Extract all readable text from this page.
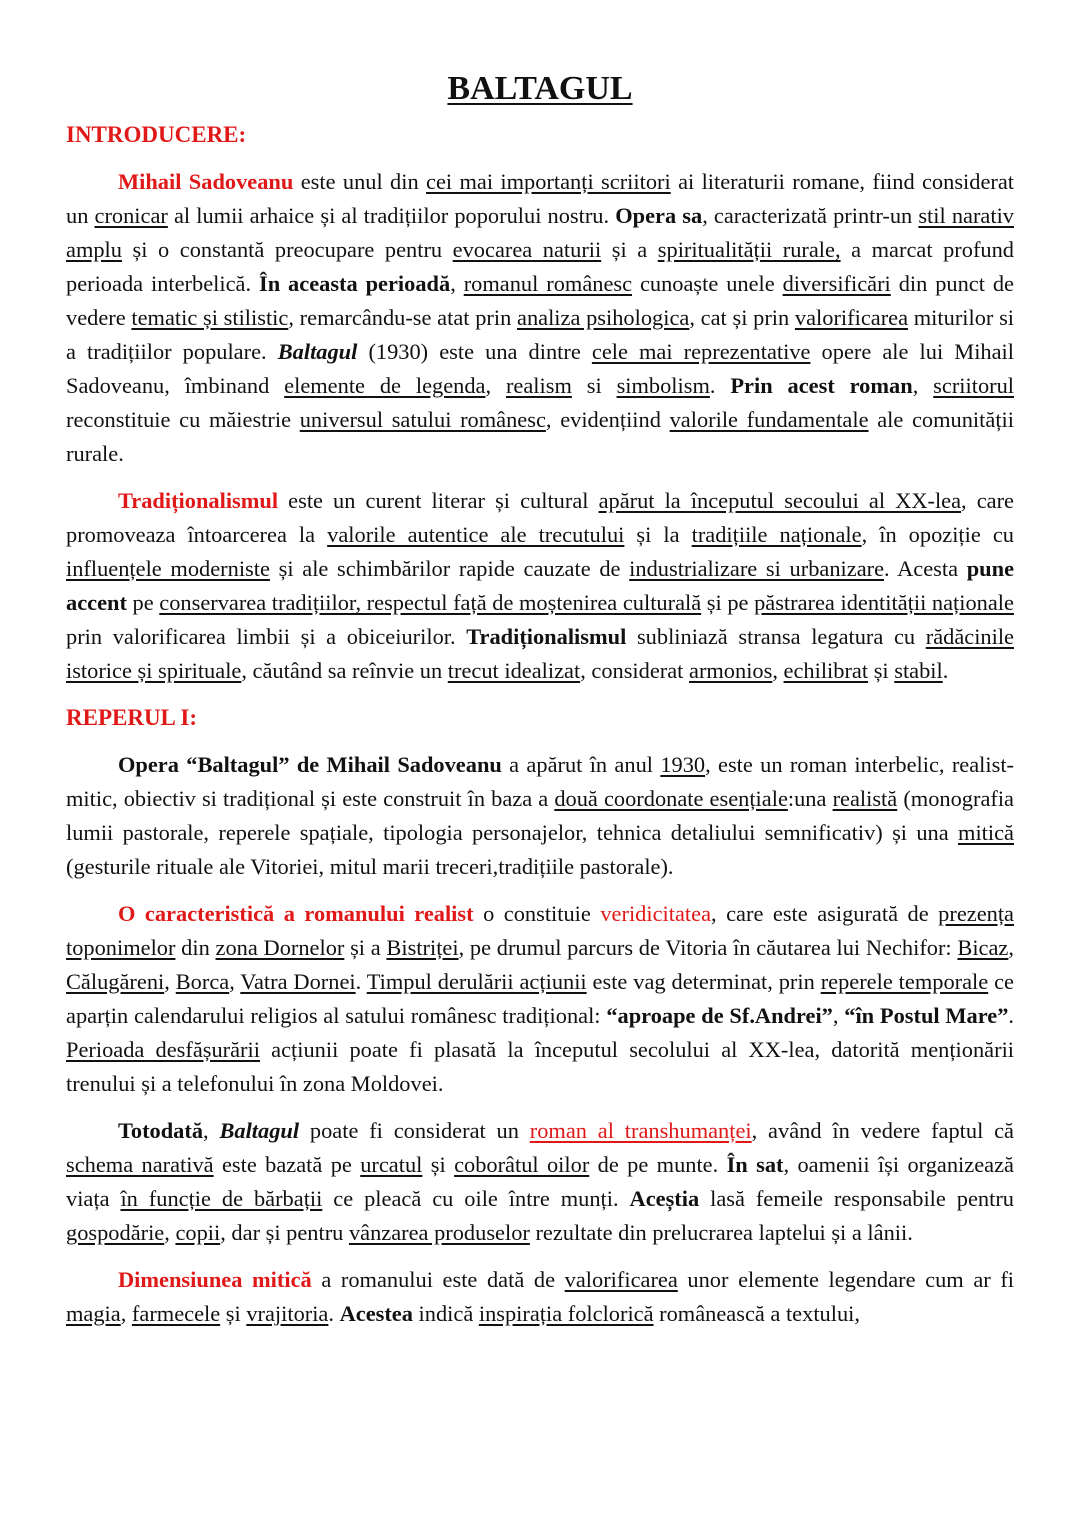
BALTAGUL
INTRODUCERE:

Mihail Sadoveanu este unul din cei mai importanți scriitori ai literaturii romane, fiind considerat un cronicar al lumii arhaice și al tradițiilor poporului nostru. Opera sa, caracterizată printr-un stil narativ amplu și o constantă preocupare pentru evocarea naturii și a spiritualității rurale, a marcat profund perioada interbelică. În aceasta perioadă, romanul românesc cunoaște unele diversificări din punct de vedere tematic și stilistic, remarcându-se atat prin analiza psihologica, cat și prin valorificarea miturilor si a tradițiilor populare. Baltagul (1930) este una dintre cele mai reprezentative opere ale lui Mihail Sadoveanu, îmbinand elemente de legenda, realism si simbolism. Prin acest roman, scriitorul reconstituie cu măiestrie universul satului românesc, evidențiind valorile fundamentale ale comunității rurale.

Tradiționalismul este un curent literar și cultural apărut la începutul secoului al XX-lea, care promoveaza întoarcerea la valorile autentice ale trecutului și la tradițiile naționale, în opoziție cu influențele moderniste și ale schimbărilor rapide cauzate de industrializare si urbanizare. Acesta pune accent pe conservarea tradițiilor, respectul față de moștenirea culturală și pe păstrarea identității naționale prin valorificarea limbii și a obiceiurilor. Tradiționalismul subliniază stransa legatura cu rădăcinile istorice și spirituale, căutând sa reînvie un trecut idealizat, considerat armonios, echilibrat și stabil.

REPERUL I:

Opera “Baltagul” de Mihail Sadoveanu a apărut în anul 1930, este un roman interbelic, realist-mitic, obiectiv si tradițional și este construit în baza a două coordonate esențiale:una realistă (monografia lumii pastorale, reperele spațiale, tipologia personajelor, tehnica detaliului semnificativ) și una mitică (gesturile rituale ale Vitoriei, mitul marii treceri,tradițiile pastorale).

O caracteristică a romanului realist o constituie veridicitatea, care este asigurată de prezența toponimelor din zona Dornelor și a Bistriței, pe drumul parcurs de Vitoria în căutarea lui Nechifor: Bicaz, Călugăreni, Borca, Vatra Dornei. Timpul derulării acțiunii este vag determinat, prin reperele temporale ce aparțin calendarului religios al satului românesc tradițional: “aproape de Sf.Andrei”, “în Postul Mare”. Perioada desfășurării acțiunii poate fi plasată la începutul secolului al XX-lea, datorită menționării trenului și a telefonului în zona Moldovei.

Totodată, Baltagul poate fi considerat un roman al transhumanței, având în vedere faptul că schema narativă este bazată pe urcatul și coborâtul oilor de pe munte. În sat, oamenii își organizează viața în funcție de bărbații ce pleacă cu oile între munți. Aceștia lasă femeile responsabile pentru gospodărie, copii, dar și pentru vânzarea produselor rezultate din prelucrarea laptelui și a lânii.

Dimensiunea mitică a romanului este dată de valorificarea unor elemente legendare cum ar fi magia, farmecele și vrajitoria. Acestea indică inspirația folclorică românească a textului,
